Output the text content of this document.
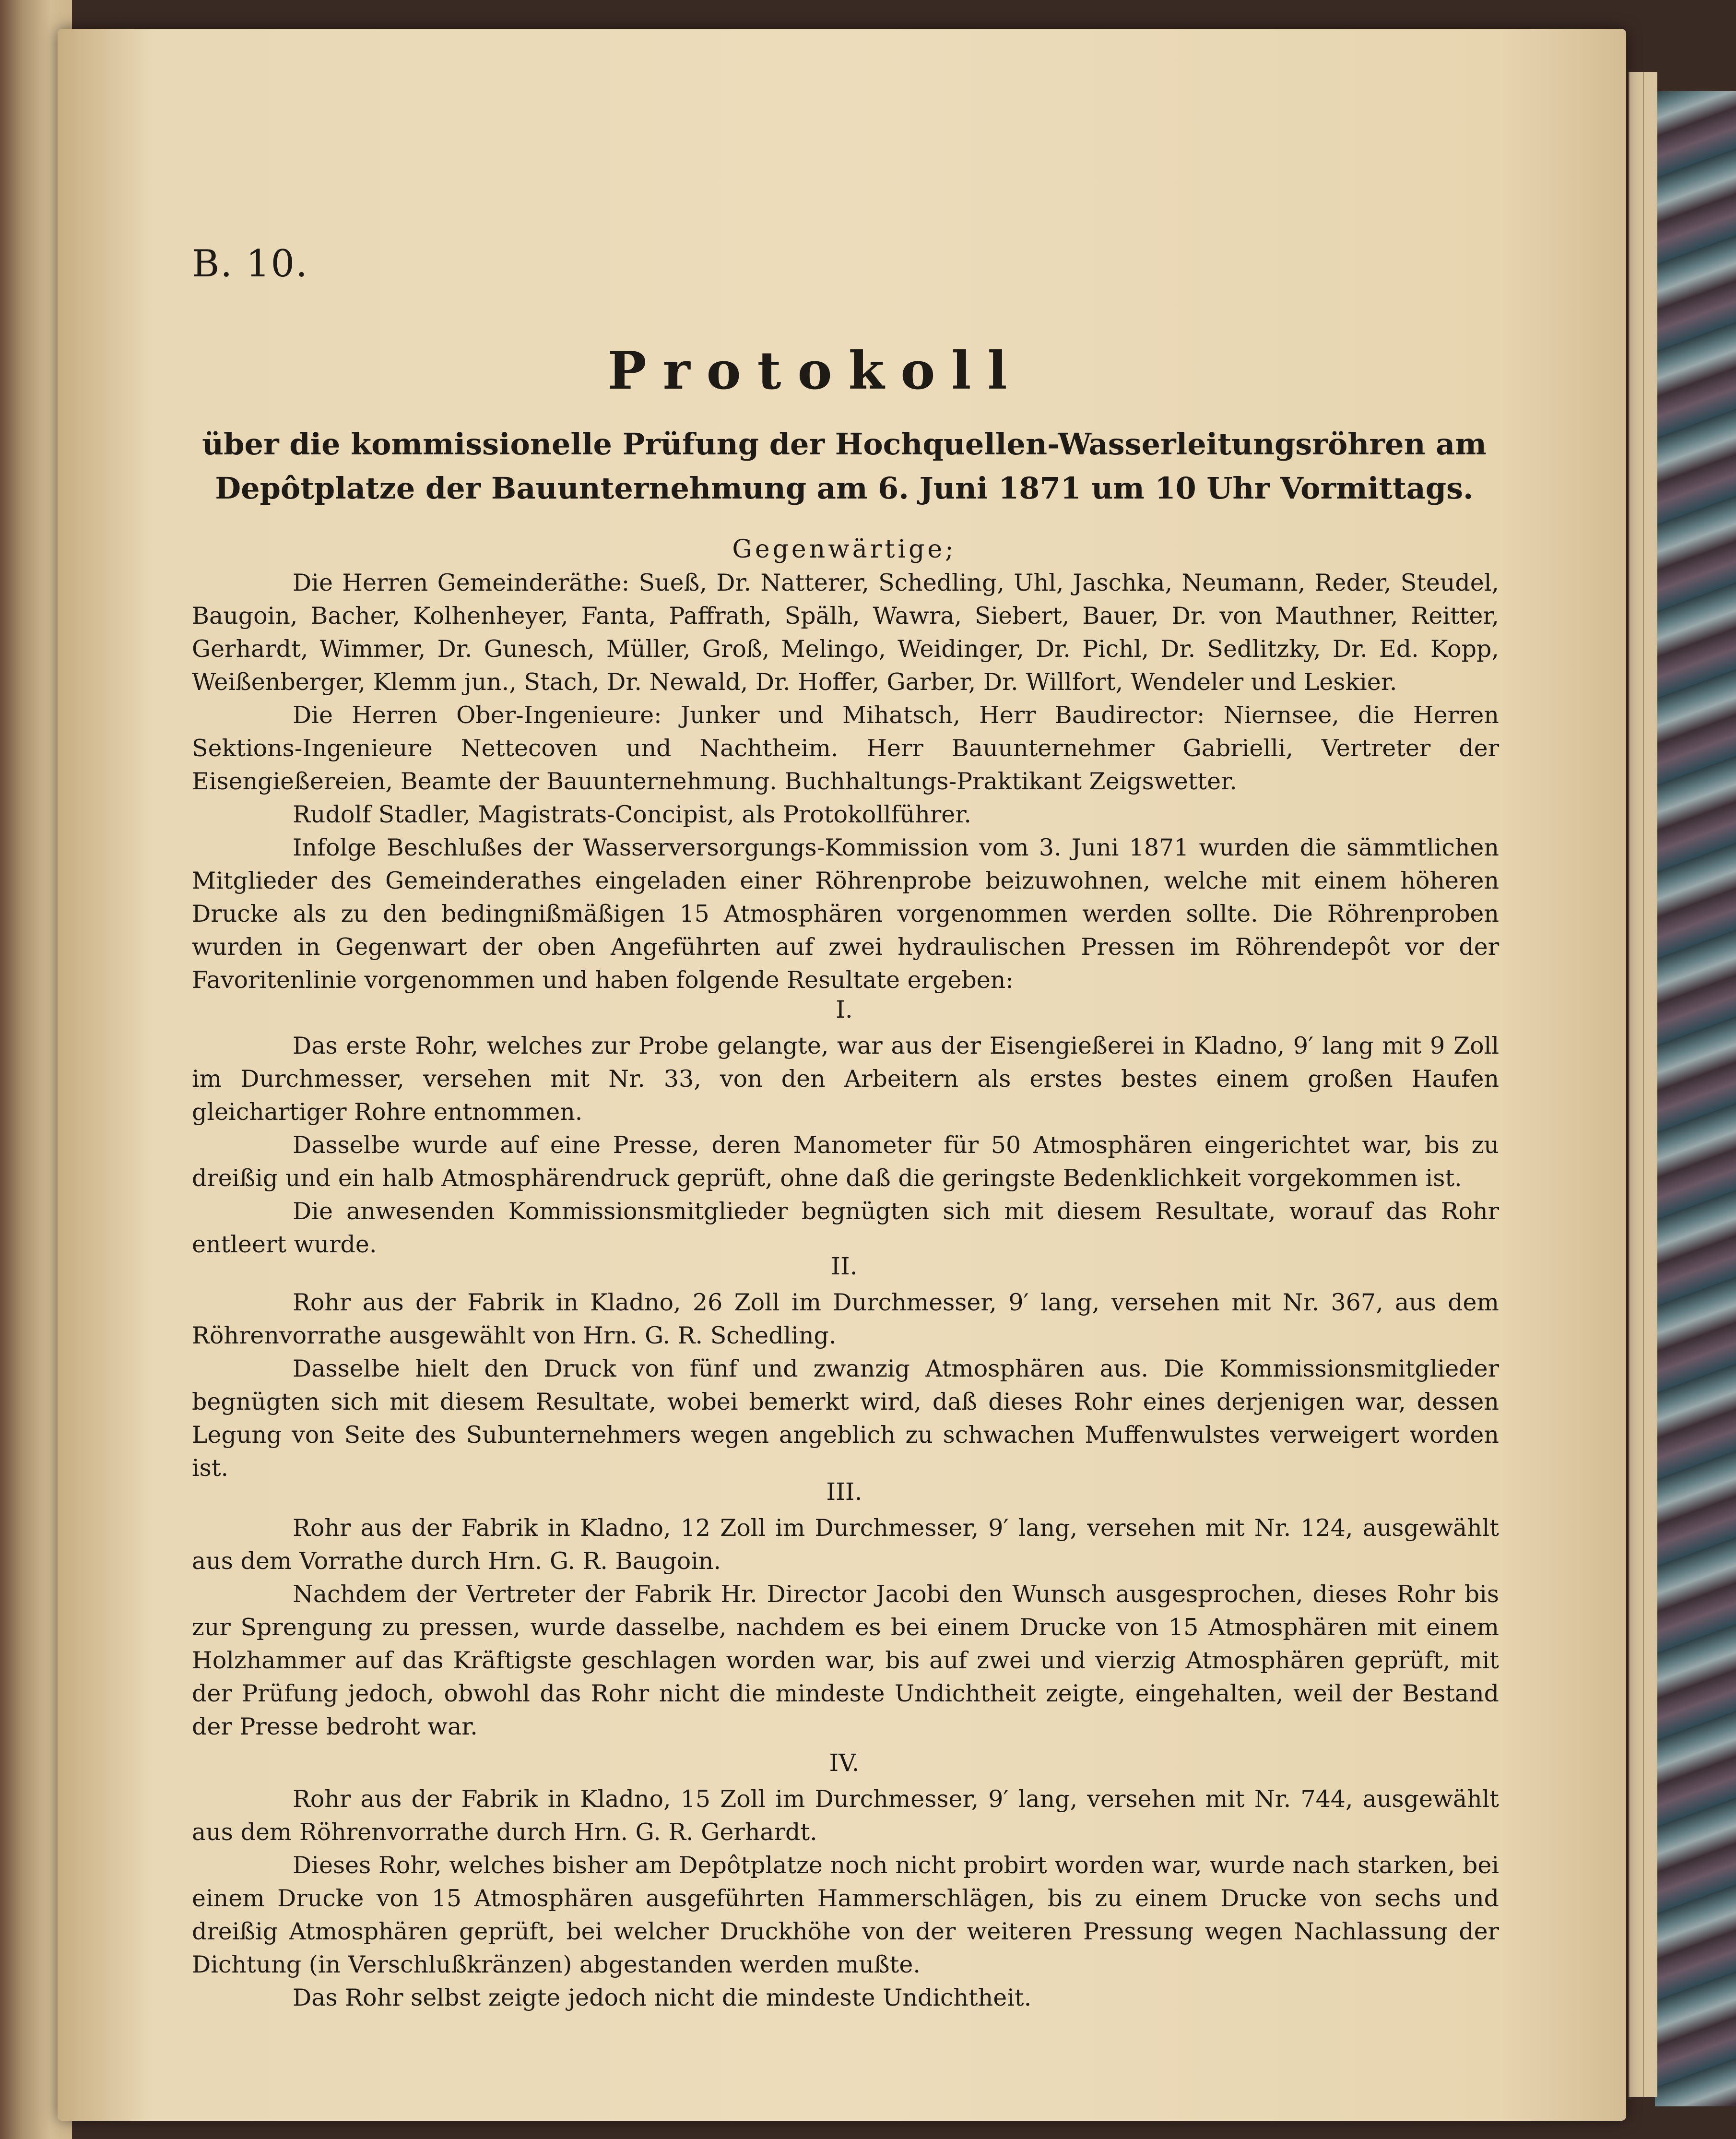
B. 10.
Protokoll
über die kommissionelle Prüfung der Hochquellen-Wasserleitungsröhren am Depôtplatze der Bauunternehmung am 6. Juni 1871 um 10 Uhr Vormittags.
Gegenwärtige;

Die Herren Gemeinderäthe: Sueß, Dr. Natterer, Schedling, Uhl, Jaschka, Neumann, Reder, Steudel, Baugoin, Bacher, Kolhenheyer, Fanta, Paffrath, Spälh, Wawra, Siebert, Bauer, Dr. von Mauthner, Reitter, Gerhardt, Wimmer, Dr. Gunesch, Müller, Groß, Melingo, Weidinger, Dr. Pichl, Dr. Sedlitzky, Dr. Ed. Kopp, Weißenberger, Klemm jun., Stach, Dr. Newald, Dr. Hoffer, Garber, Dr. Willfort, Wendeler und Leskier.

Die Herren Ober-Ingenieure: Junker und Mihatsch, Herr Baudirector: Niernsee, die Herren Sektions-Ingenieure Nettecoven und Nachtheim. Herr Bauunternehmer Gabrielli, Vertreter der Eisengießereien, Beamte der Bauunternehmung. Buchhaltungs-Praktikant Zeigswetter.

Rudolf Stadler, Magistrats-Concipist, als Protokollführer.

Infolge Beschlußes der Wasserversorgungs-Kommission vom 3. Juni 1871 wurden die sämmtlichen Mitglieder des Gemeinderathes eingeladen einer Röhrenprobe beizuwohnen, welche mit einem höheren Drucke als zu den bedingnißmäßigen 15 Atmosphären vorgenommen werden sollte. Die Röhrenproben wurden in Gegenwart der oben Angeführten auf zwei hydraulischen Pressen im Röhrendepôt vor der Favoritenlinie vorgenommen und haben folgende Resultate ergeben:

I.

Das erste Rohr, welches zur Probe gelangte, war aus der Eisengießerei in Kladno, 9′ lang mit 9 Zoll im Durchmesser, versehen mit Nr. 33, von den Arbeitern als erstes bestes einem großen Haufen gleichartiger Rohre entnommen.

Dasselbe wurde auf eine Presse, deren Manometer für 50 Atmosphären eingerichtet war, bis zu dreißig und ein halb Atmosphärendruck geprüft, ohne daß die geringste Bedenklichkeit vorgekommen ist.

Die anwesenden Kommissionsmitglieder begnügten sich mit diesem Resultate, worauf das Rohr entleert wurde.

II.

Rohr aus der Fabrik in Kladno, 26 Zoll im Durchmesser, 9′ lang, versehen mit Nr. 367, aus dem Röhrenvorrathe ausgewählt von Hrn. G. R. Schedling.

Dasselbe hielt den Druck von fünf und zwanzig Atmosphären aus. Die Kommissionsmitglieder begnügten sich mit diesem Resultate, wobei bemerkt wird, daß dieses Rohr eines derjenigen war, dessen Legung von Seite des Subunternehmers wegen angeblich zu schwachen Muffenwulstes verweigert worden ist.

III.

Rohr aus der Fabrik in Kladno, 12 Zoll im Durchmesser, 9′ lang, versehen mit Nr. 124, ausgewählt aus dem Vorrathe durch Hrn. G. R. Baugoin.

Nachdem der Vertreter der Fabrik Hr. Director Jacobi den Wunsch ausgesprochen, dieses Rohr bis zur Sprengung zu pressen, wurde dasselbe, nachdem es bei einem Drucke von 15 Atmosphären mit einem Holzhammer auf das Kräftigste geschlagen worden war, bis auf zwei und vierzig Atmosphären geprüft, mit der Prüfung jedoch, obwohl das Rohr nicht die mindeste Undichtheit zeigte, eingehalten, weil der Bestand der Presse bedroht war.

IV.

Rohr aus der Fabrik in Kladno, 15 Zoll im Durchmesser, 9′ lang, versehen mit Nr. 744, ausgewählt aus dem Röhrenvorrathe durch Hrn. G. R. Gerhardt.

Dieses Rohr, welches bisher am Depôtplatze noch nicht probirt worden war, wurde nach starken, bei einem Drucke von 15 Atmosphären ausgeführten Hammerschlägen, bis zu einem Drucke von sechs und dreißig Atmosphären geprüft, bei welcher Druckhöhe von der weiteren Pressung wegen Nachlassung der Dichtung (in Verschlußkränzen) abgestanden werden mußte.

Das Rohr selbst zeigte jedoch nicht die mindeste Undichtheit.
